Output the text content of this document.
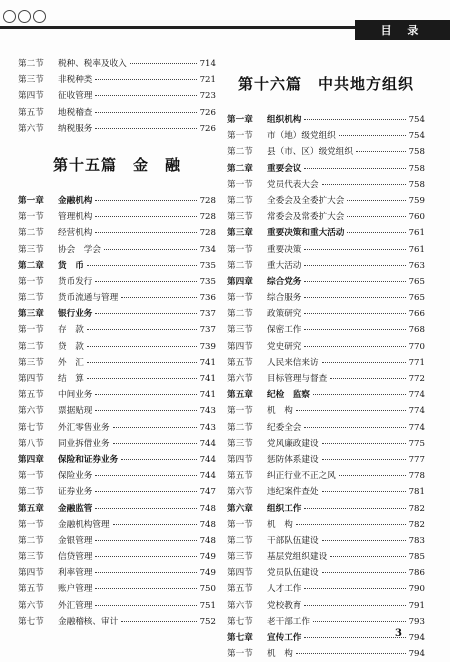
目 录
第二节	税种、税率及收入	714
第三节	非税种类	721
第四节	征收管理	723
第五节	地税稽查	726
第六节	纳税服务	726
第十五篇　金　融
第一章	金融机构	728
第一节	管理机构	728
第二节	经营机构	728
第三节	协会　学会	734
第二章	货　币	735
第一节	货币发行	735
第二节	货币流通与管理	736
第三章	银行业务	737
第一节	存　款	737
第二节	贷　款	739
第三节	外　汇	741
第四节	结　算	741
第五节	中间业务	741
第六节	票据贴现	743
第七节	外汇零售业务	743
第八节	同业拆借业务	744
第四章	保险和证券业务	744
第一节	保险业务	744
第二节	证券业务	747
第五章	金融监管	748
第一节	金融机构管理	748
第二节	金银管理	748
第三节	信贷管理	749
第四节	利率管理	749
第五节	账户管理	750
第六节	外汇管理	751
第七节	金融稽核、审计	752
第十六篇　中共地方组织
第一章	组织机构	754
第一节	市（地）级党组织	754
第二节	县（市、区）级党组织	758
第二章	重要会议	758
第一节	党员代表大会	758
第二节	全委会及全委扩大会	759
第三节	常委会及常委扩大会	760
第三章	重要决策和重大活动	761
第一节	重要决策	761
第二节	重大活动	763
第四章	综合党务	765
第一节	综合服务	765
第二节	政策研究	766
第三节	保密工作	768
第四节	党史研究	770
第五节	人民来信来访	771
第六节	目标管理与督查	772
第五章	纪检　监察	774
第一节	机　构	774
第二节	纪委全会	774
第三节	党风廉政建设	775
第四节	惩防体系建设	777
第五节	纠正行业不正之风	778
第六节	违纪案件查处	781
第六章	组织工作	782
第一节	机　构	782
第二节	干部队伍建设	783
第三节	基层党组织建设	785
第四节	党员队伍建设	786
第五节	人才工作	790
第六节	党校教育	791
第七节	老干部工作	793
第七章	宣传工作	794
第一节	机　构	794
3
